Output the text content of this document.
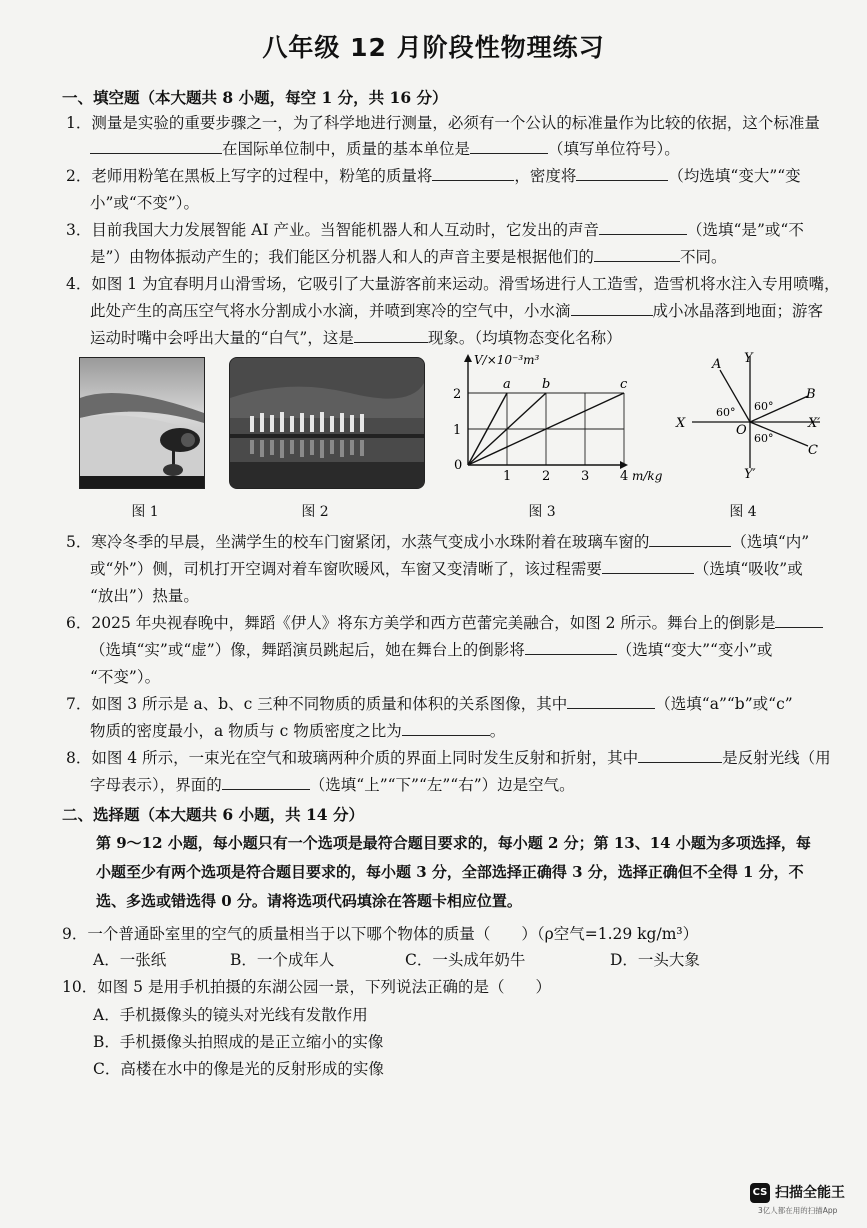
八年级 12 月阶段性物理练习
一、填空题（本大题共 8 小题，每空 1 分，共 16 分）
1．测量是实验的重要步骤之一，为了科学地进行测量，必须有一个公认的标准量作为比较的依据，这个标准量
在国际单位制中，质量的基本单位是	（填写单位符号）。
2．老师用粉笔在黑板上写字的过程中，粉笔的质量将	，密度将	（均选填“变大”“变
小”或“不变”）。
3．目前我国大力发展智能 AI 产业。当智能机器人和人互动时，它发出的声音	（选填“是”或“不
是”）由物体振动产生的；我们能区分机器人和人的声音主要是根据他们的	不同。
4．如图 1 为宜春明月山滑雪场，它吸引了大量游客前来运动。滑雪场进行人工造雪，造雪机将水注入专用喷嘴，
此处产生的高压空气将水分割成小水滴，并喷到寒冷的空气中，小水滴	成小冰晶落到地面；游客
运动时嘴中会呼出大量的“白气”，这是	现象。（均填物态变化名称）
图 1	图 2
V/×10⁻³m³
m/kg
0
1 2 3 4
1
2
a b	c
图 3
A Y
B
X	O	X′
C
Y′
60° 60°
60°
图 4
5．寒冷冬季的早晨，坐满学生的校车门窗紧闭，水蒸气变成小水珠附着在玻璃车窗的	（选填“内”
或“外”）侧，司机打开空调对着车窗吹暖风，车窗又变清晰了，该过程需要	（选填“吸收”或
“放出”）热量。
6．2025 年央视春晚中，舞蹈《伊人》将东方美学和西方芭蕾完美融合，如图 2 所示。舞台上的倒影是
（选填“实”或“虚”）像，舞蹈演员跳起后，她在舞台上的倒影将	（选填“变大”“变小”或
“不变”）。
7．如图 3 所示是 a、b、c 三种不同物质的质量和体积的关系图像，其中	（选填“a”“b”或“c”
物质的密度最小，a 物质与 c 物质密度之比为	。
8．如图 4 所示，一束光在空气和玻璃两种介质的界面上同时发生反射和折射，其中	是反射光线（用
字母表示），界面的	（选填“上”“下”“左”“右”）边是空气。
二、选择题（本大题共 6 小题，共 14 分）
第 9～12 小题，每小题只有一个选项是最符合题目要求的，每小题 2 分；第 13、14 小题为多项选择，每
小题至少有两个选项是符合题目要求的，每小题 3 分，全部选择正确得 3 分，选择正确但不全得 1 分，不
选、多选或错选得 0 分。请将选项代码填涂在答题卡相应位置。
9．一个普通卧室里的空气的质量相当于以下哪个物体的质量（　　）（ρ空气=1.29 kg/m³）
A．一张纸	B．一个成年人	C．一头成年奶牛	D．一头大象
10．如图 5 是用手机拍摄的东湖公园一景，下列说法正确的是（　　）
A．手机摄像头的镜头对光线有发散作用
B．手机摄像头拍照成的是正立缩小的实像
C．高楼在水中的像是光的反射形成的实像
CS 扫描全能王
3亿人都在用的扫描App
